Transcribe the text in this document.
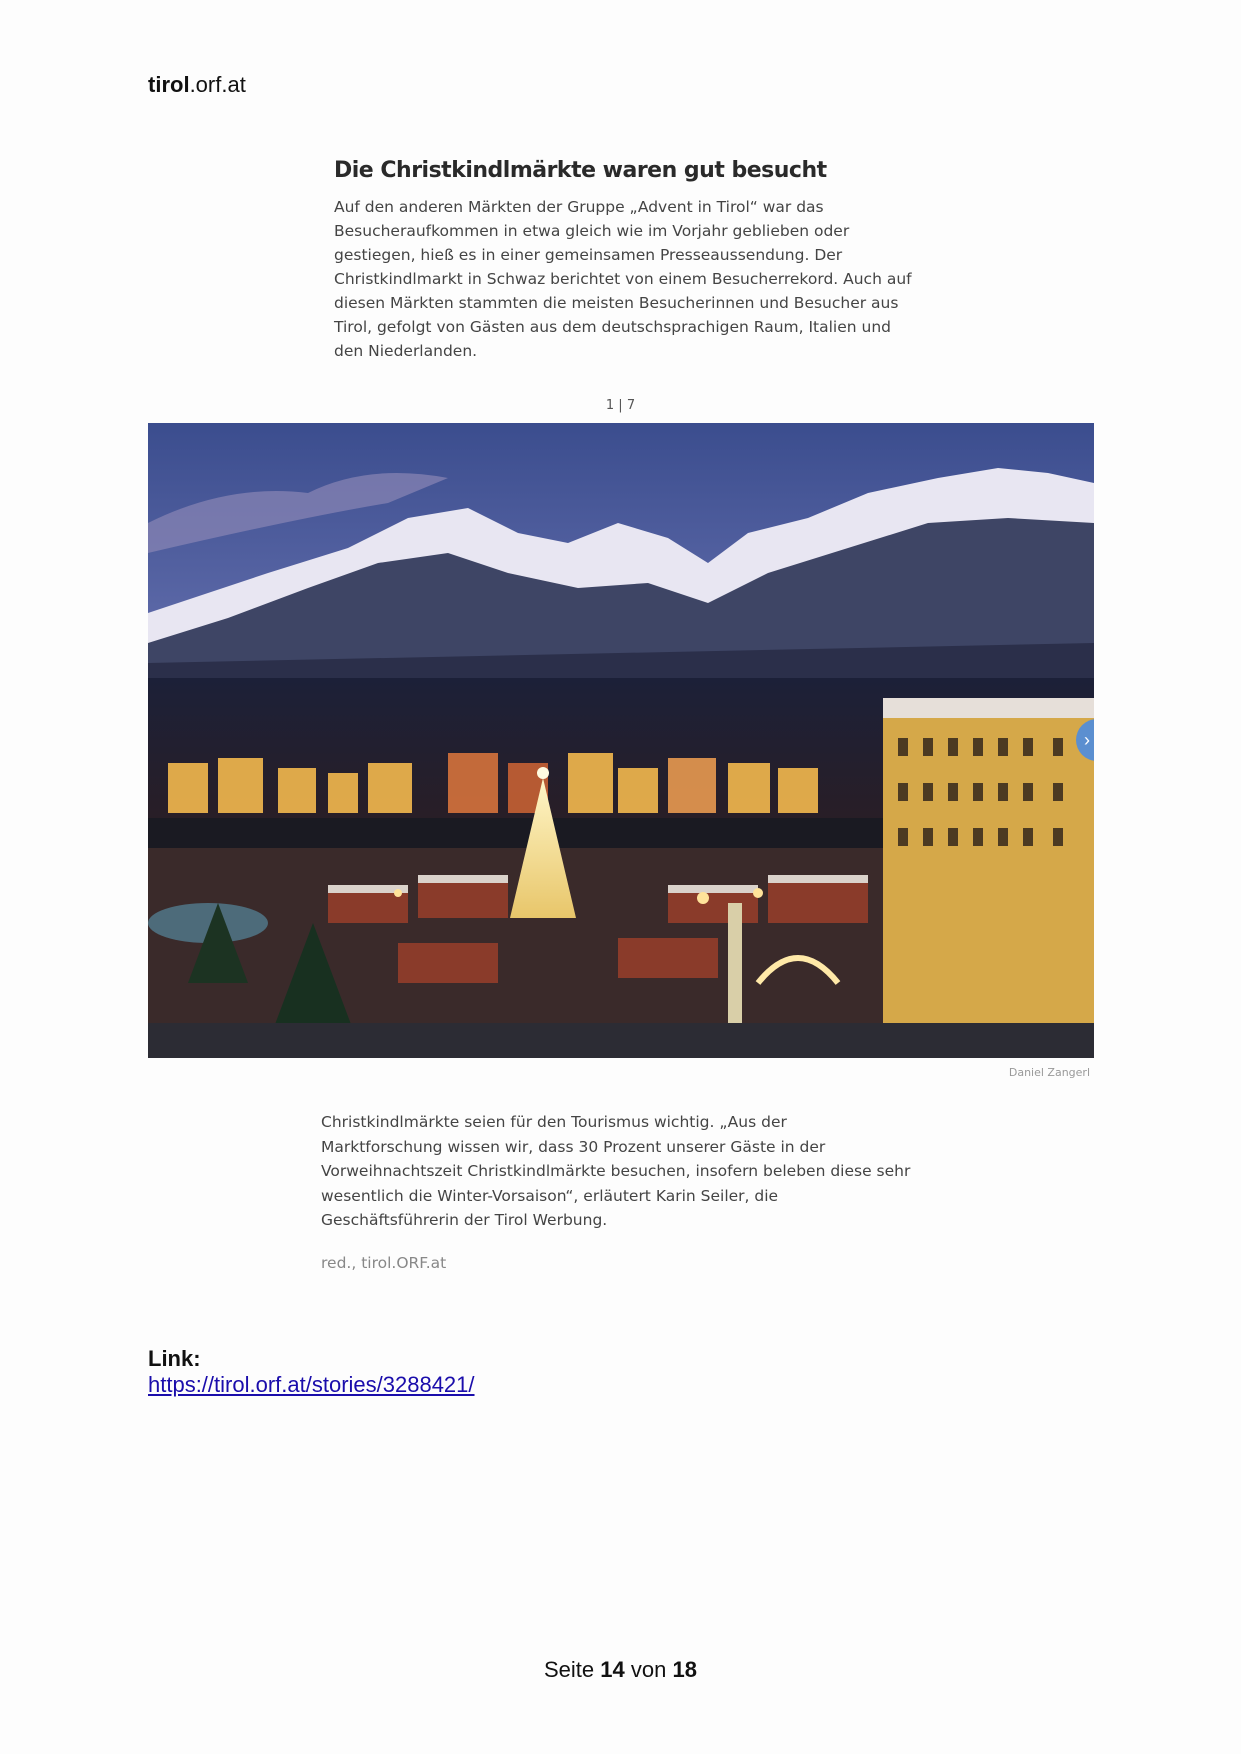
tirol.orf.at
Die Christkindlmärkte waren gut besucht

Auf den anderen Märkten der Gruppe „Advent in Tirol“ war das Besucheraufkommen in etwa gleich wie im Vorjahr geblieben oder gestiegen, hieß es in einer gemeinsamen Presseaussendung. Der Christkindlmarkt in Schwaz berichtet von einem Besucherrekord. Auch auf diesen Märkten stammten die meisten Besucherinnen und Besucher aus Tirol, gefolgt von Gästen aus dem deutschsprachigen Raum, Italien und den Niederlanden.

1 | 7
›
Daniel Zangerl

Christkindlmärkte seien für den Tourismus wichtig. „Aus der Marktforschung wissen wir, dass 30 Prozent unserer Gäste in der Vorweihnachtszeit Christkindlmärkte besuchen, insofern beleben diese sehr wesentlich die Winter-Vorsaison“, erläutert Karin Seiler, die Geschäftsführerin der Tirol Werbung.

red., tirol.ORF.at

Link:
https://tirol.orf.at/stories/3288421/
Seite 14 von 18
